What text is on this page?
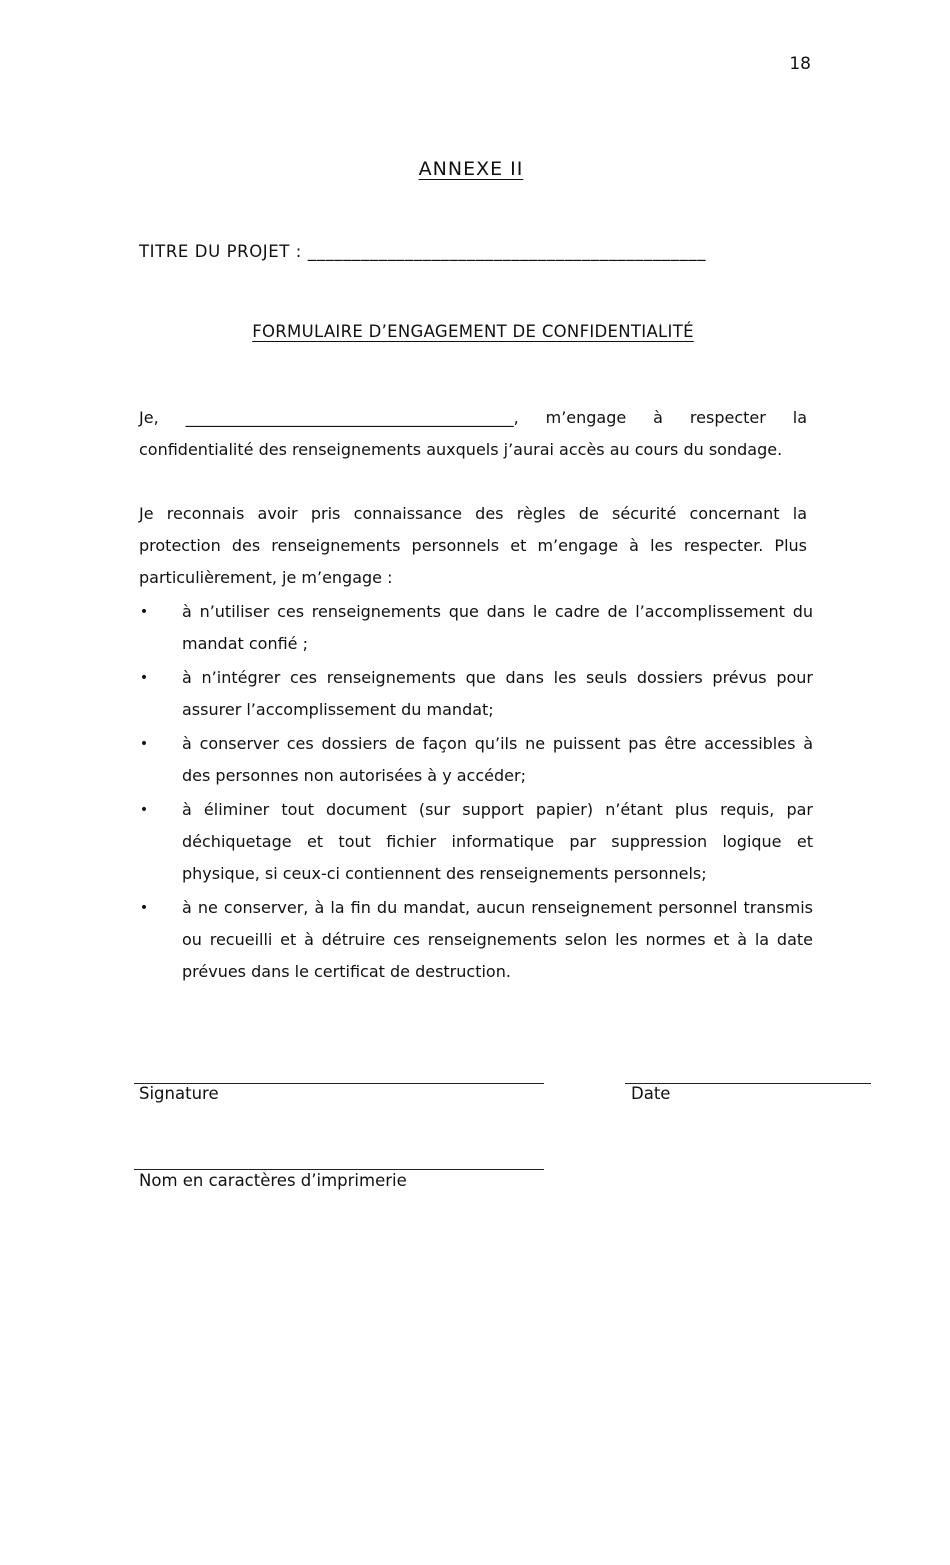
18
ANNEXE II
TITRE DU PROJET : _____________________________________________
FORMULAIRE D’ENGAGEMENT DE CONFIDENTIALITÉ
Je, _________________________________________, m’engage à respecter la confidentialité des renseignements auxquels j’aurai accès au cours du sondage.
Je reconnais avoir pris connaissance des règles de sécurité concernant la protection des renseignements personnels et m’engage à les respecter. Plus particulièrement, je m’engage :
• à n’utiliser ces renseignements que dans le cadre de l’accomplissement du mandat confié ;
• à n’intégrer ces renseignements que dans les seuls dossiers prévus pour assurer l’accomplissement du mandat;
• à conserver ces dossiers de façon qu’ils ne puissent pas être accessibles à des personnes non autorisées à y accéder;
• à éliminer tout document (sur support papier) n’étant plus requis, par déchiquetage et tout fichier informatique par suppression logique et physique, si ceux-ci contiennent des renseignements personnels;
• à ne conserver, à la fin du mandat, aucun renseignement personnel transmis ou recueilli et à détruire ces renseignements selon les normes et à la date prévues dans le certificat de destruction.
Signature	Date
Nom en caractères d’imprimerie
